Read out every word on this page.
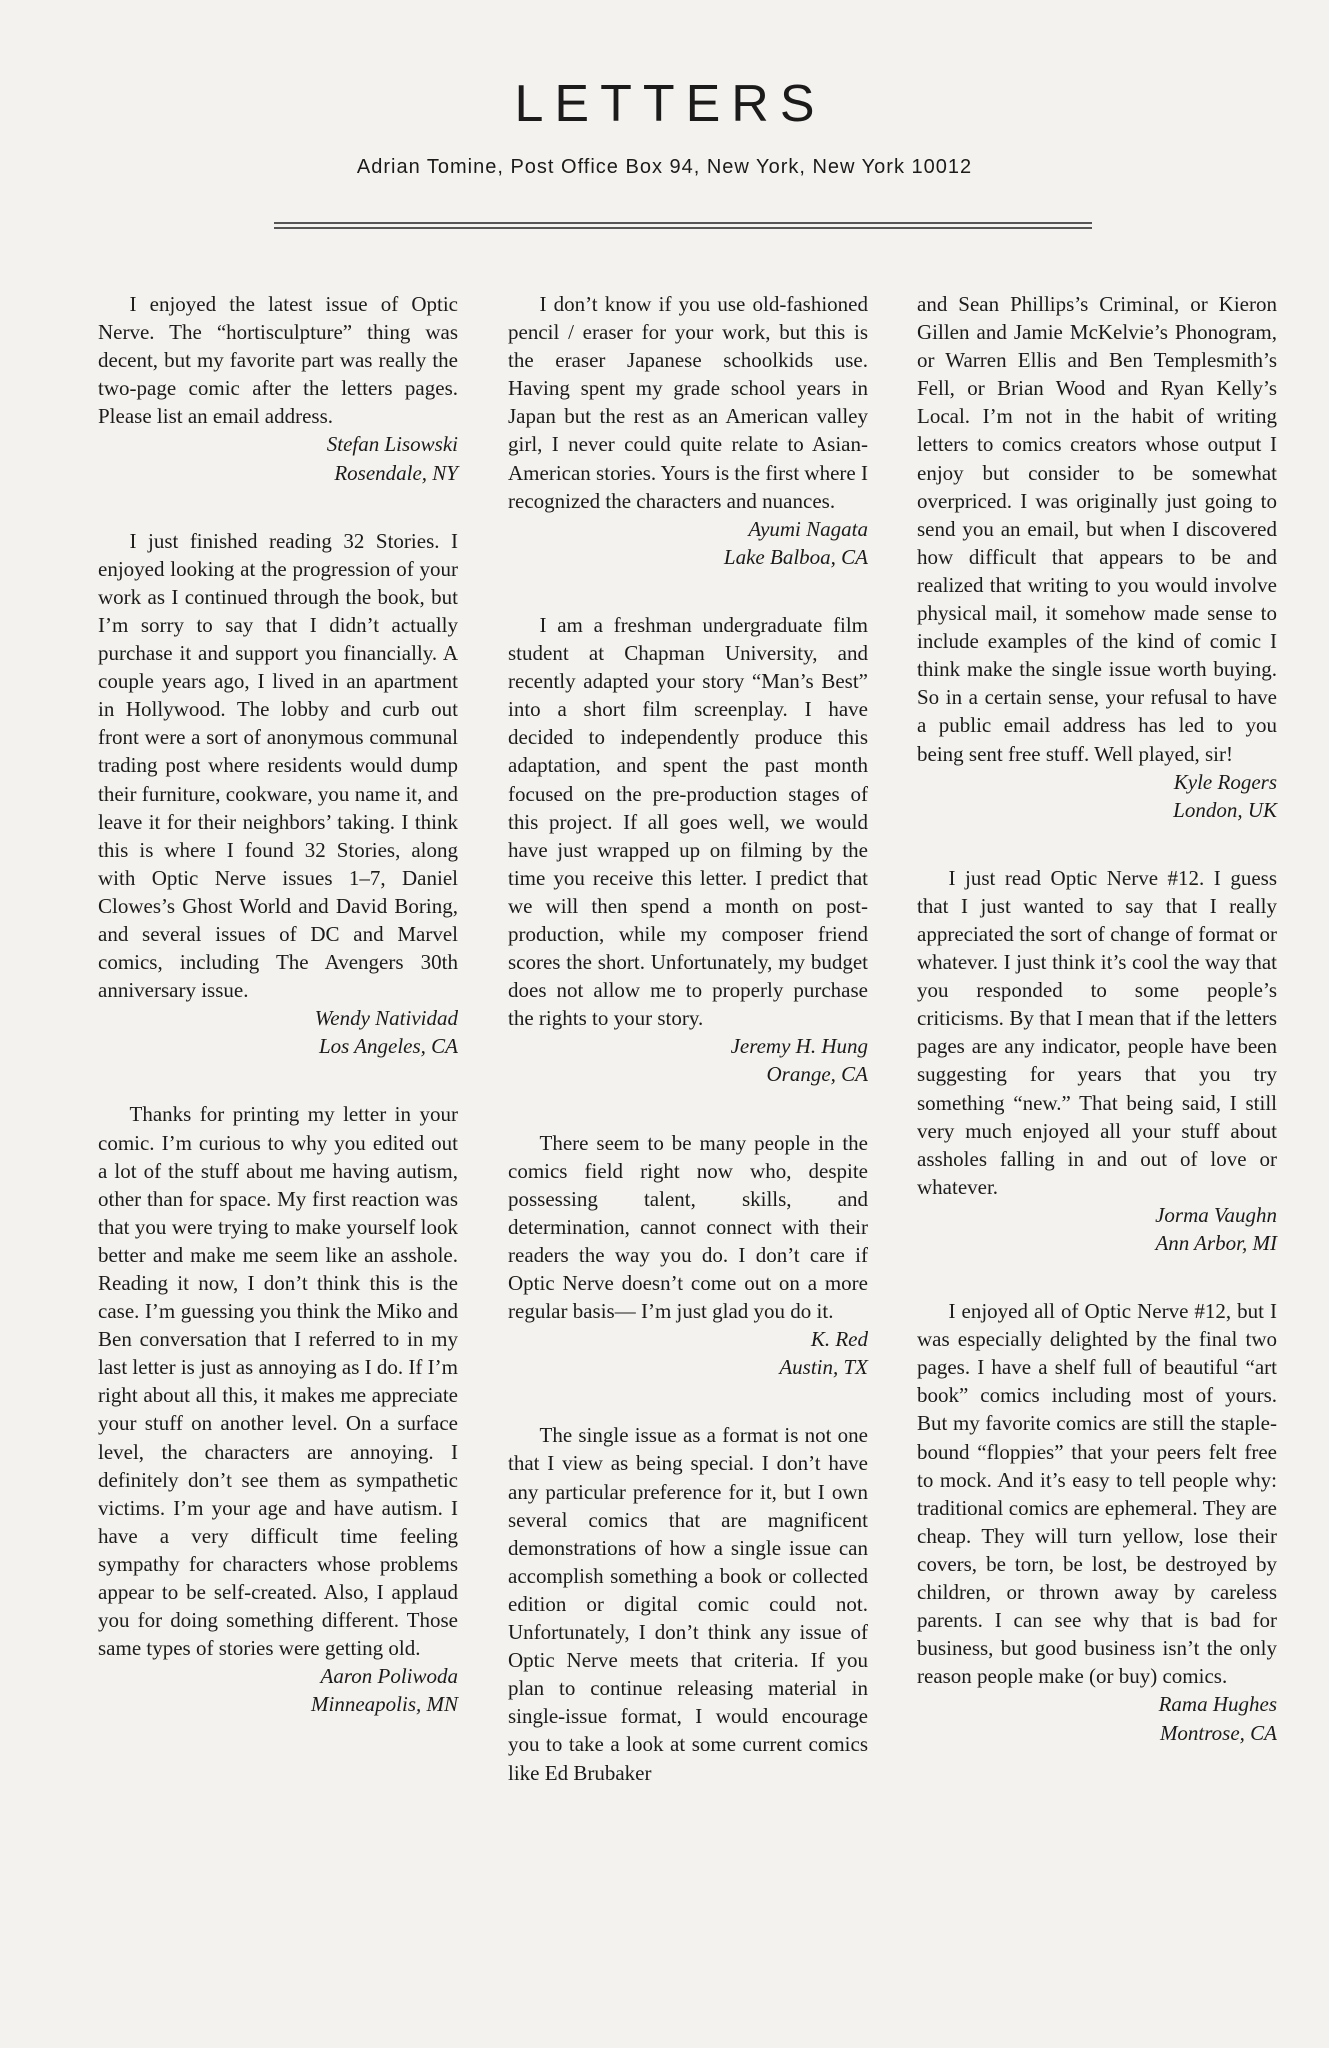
LETTERS
Adrian Tomine, Post Office Box 94, New York, New York 10012

I enjoyed the latest issue of Optic Nerve. The “hortisculpture” thing was decent, but my favorite part was really the two-page comic after the letters pages. Please list an email address.

Stefan Lisowski
Rosendale, NY

I just finished reading 32 Stories. I enjoyed looking at the progression of your work as I continued through the book, but I’m sorry to say that I didn’t actually purchase it and support you financially. A couple years ago, I lived in an apartment in Hollywood. The lobby and curb out front were a sort of anonymous communal trading post where residents would dump their furniture, cookware, you name it, and leave it for their neighbors’ taking. I think this is where I found 32 Stories, along with Optic Nerve issues 1–7, Daniel Clowes’s Ghost World and David Boring, and several issues of DC and Marvel comics, including The Avengers 30th anniversary issue.

Wendy Natividad
Los Angeles, CA

Thanks for printing my letter in your comic. I’m curious to why you edited out a lot of the stuff about me having autism, other than for space. My first reaction was that you were trying to make yourself look better and make me seem like an asshole. Reading it now, I don’t think this is the case. I’m guessing you think the Miko and Ben conversation that I referred to in my last letter is just as annoying as I do. If I’m right about all this, it makes me appreciate your stuff on another level. On a surface level, the characters are annoying. I definitely don’t see them as sympathetic victims. I’m your age and have autism. I have a very difficult time feeling sympathy for characters whose problems appear to be self-created. Also, I applaud you for doing something different. Those same types of stories were getting old.

Aaron Poliwoda
Minneapolis, MN

I don’t know if you use old-fashioned pencil / eraser for your work, but this is the eraser Japanese schoolkids use. Having spent my grade school years in Japan but the rest as an American valley girl, I never could quite relate to Asian-American stories. Yours is the first where I recognized the characters and nuances.

Ayumi Nagata
Lake Balboa, CA

I am a freshman undergraduate film student at Chapman University, and recently adapted your story “Man’s Best” into a short film screenplay. I have decided to independently produce this adaptation, and spent the past month focused on the pre-production stages of this project. If all goes well, we would have just wrapped up on filming by the time you receive this letter. I predict that we will then spend a month on post-production, while my composer friend scores the short. Unfortunately, my budget does not allow me to properly purchase the rights to your story.

Jeremy H. Hung
Orange, CA

There seem to be many people in the comics field right now who, despite possessing talent, skills, and determination, cannot connect with their readers the way you do. I don’t care if Optic Nerve doesn’t come out on a more regular basis— I’m just glad you do it.

K. Red
Austin, TX

The single issue as a format is not one that I view as being special. I don’t have any particular preference for it, but I own several comics that are magnificent demonstrations of how a single issue can accomplish something a book or collected edition or digital comic could not. Unfortunately, I don’t think any issue of Optic Nerve meets that criteria. If you plan to continue releasing material in single-issue format, I would encourage you to take a look at some current comics like Ed Brubaker

and Sean Phillips’s Criminal, or Kieron Gillen and Jamie McKelvie’s Phonogram, or Warren Ellis and Ben Templesmith’s Fell, or Brian Wood and Ryan Kelly’s Local. I’m not in the habit of writing letters to comics creators whose output I enjoy but consider to be somewhat overpriced. I was originally just going to send you an email, but when I discovered how difficult that appears to be and realized that writing to you would involve physical mail, it somehow made sense to include examples of the kind of comic I think make the single issue worth buying. So in a certain sense, your refusal to have a public email address has led to you being sent free stuff. Well played, sir!

Kyle Rogers
London, UK

I just read Optic Nerve #12. I guess that I just wanted to say that I really appreciated the sort of change of format or whatever. I just think it’s cool the way that you responded to some people’s criticisms. By that I mean that if the letters pages are any indicator, people have been suggesting for years that you try something “new.” That being said, I still very much enjoyed all your stuff about assholes falling in and out of love or whatever.

Jorma Vaughn
Ann Arbor, MI

I enjoyed all of Optic Nerve #12, but I was especially delighted by the final two pages. I have a shelf full of beautiful “art book” comics including most of yours. But my favorite comics are still the staple-bound “floppies” that your peers felt free to mock. And it’s easy to tell people why: traditional comics are ephemeral. They are cheap. They will turn yellow, lose their covers, be torn, be lost, be destroyed by children, or thrown away by careless parents. I can see why that is bad for business, but good business isn’t the only reason people make (or buy) comics.

Rama Hughes
Montrose, CA
